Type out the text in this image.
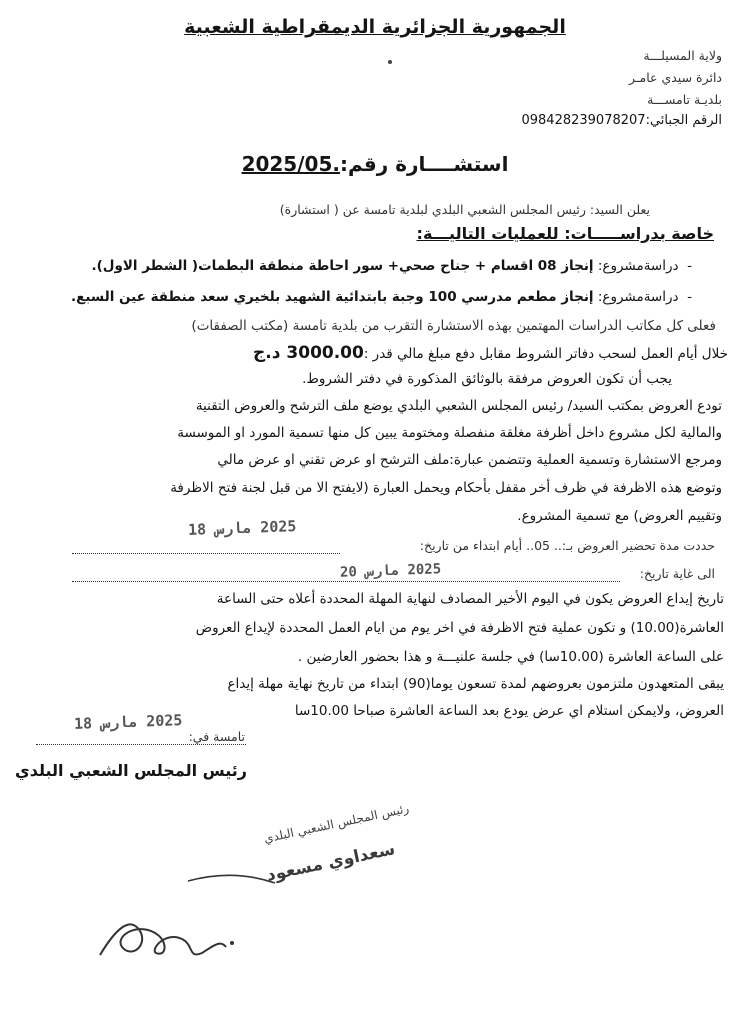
الجمهورية الجزائرية الديمقراطية الشعبية
ولاية المسيلـــة
دائرة سيدي عامـر
بلديـة تامســـة
الرقم الجبائي:098428239078207
استشــــارة رقم:2025/05.
يعلن السيد: رئيس المجلس الشعبي البلدي لبلدية تامسة عن ( استشارة)
خاصة بدراســـــات: للعمليات التاليـــة:
-  دراسةمشروع: إنجاز 08 اقسام + جناح صحي+ سور احاطة منطقة البطمات( الشطر الاول).
-  دراسةمشروع: إنجاز مطعم مدرسي 100 وجبة بابتدائية الشهيد بلخيري سعد منطقة عين السبع.
فعلى كل مكاتب الدراسات المهتمين بهذه الاستشارة التقرب من بلدية تامسة (مكتب الصفقات)
خلال أيام العمل لسحب دفاتر الشروط مقابل دفع مبلغ مالي قدر :3000.00 د.ج
يجب أن تكون العروض مرفقة بالوثائق المذكورة في دفتر الشروط.
تودع العروض بمكتب السيد/ رئيس المجلس الشعبي البلدي يوضع ملف الترشح والعروض التقنية
والمالية لكل مشروع داخل أظرفة مغلقة منفصلة ومختومة يبين كل منها تسمية المورد او الموسسة
ومرجع الاستشارة وتسمية العملية وتتضمن عبارة:ملف الترشح او عرض تقني او عرض مالي
وتوضع هذه الاظرفة في ظرف أخر مقفل بأحكام ويحمل العبارة (لايفتح الا من قبل لجنة فتح الاظرفة
وتقييم العروض) مع تسمية المشروع.
2025 مارس 18
حددت مدة تحضير العروض بـ:.. 05.. أيام ابتداء من تاريخ:
2025 مارس 20	الى غاية تاريخ:
تاريخ إيداع العروض يكون في اليوم الأخير المصادف لنهاية المهلة المحددة أعلاه حتى الساعة
العاشرة(10.00) و تكون عملية فتح الاظرفة في اخر يوم من ايام العمل المحددة لإيداع العروض
على الساعة العاشرة (10.00سا) في جلسة علنيـــة و هذا بحضور العارضين .
يبقى المتعهدون ملتزمون بعروضهم لمدة تسعون يوما(90) ابتداء من تاريخ نهاية مهلة إيداع
العروض، ولايمكن استلام اي عرض يودع بعد الساعة العاشرة صباحا 10.00سا
2025 مارس 18
تامسة في:
رئيس المجلس الشعبي البلدي
رئيس المجلس الشعبي البلدي
سعداوي مسعود
